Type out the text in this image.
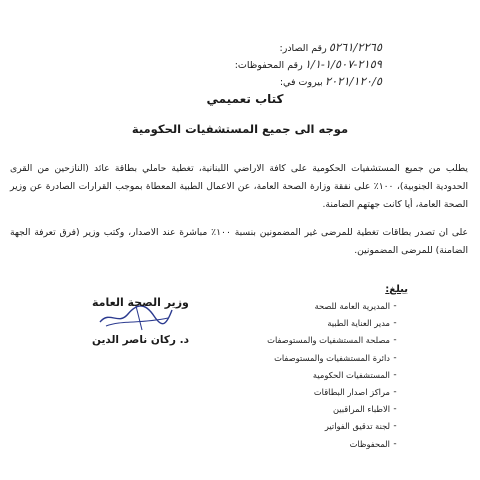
رقم الصادر: ٥٢٦١/٢٢٦٥
رقم المحفوظات: ٢١٥٩-١/٥٠٧-١/١
بيروت في: ٢٠٢١/١٢٠/٥
كتاب تعميمي
موجه الى جميع المستشفيات الحكومية
يطلب من جميع المستشفيات الحكومية على كافة الاراضي اللبنانية، تغطية حاملي بطاقة عائد (النازحين من القرى الحدودية الجنوبية)، ١٠٠٪ على نفقة وزارة الصحة العامة، عن الاعمال الطبية المعطاة بموجب القرارات الصادرة عن وزير الصحة العامة، أيا كانت جهتهم الضامنة.
على ان تصدر بطاقات تغطية للمرضى غير المضمونين بنسبة ١٠٠٪ مباشرة عند الاصدار، وكتب وزير (فرق تعرفة الجهة الضامنة) للمرضى المضمونين.
وزير الصحة العامة
د. ركان ناصر الدين
يبلغ:
-
المديرية العامة للصحة
-
مدير العناية الطبية
-
مصلحة المستشفيات والمستوصفات
-
دائرة المستشفيات والمستوصفات
-
المستشفيات الحكومية
-
مراكز اصدار البطاقات
-
الاطباء المراقبين
-
لجنة تدقيق الفواتير
-
المحفوظات
